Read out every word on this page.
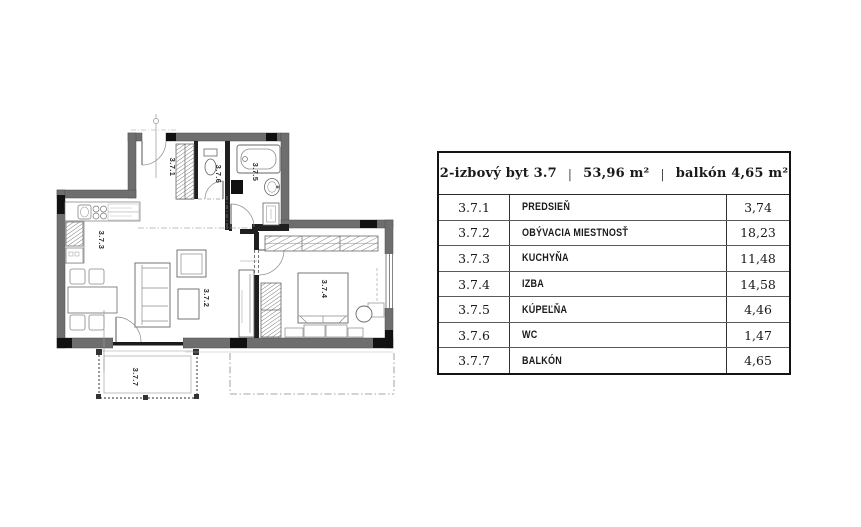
3.7.1
3.7.2
3.7.3
3.7.4
3.7.5
3.7.6
3.7.7
2-izbový byt 3.7 | 53,96 m² | balkón 4,65 m²
3.7.1	PREDSIEŇ	3,74
3.7.2	OBÝVACIA MIESTNOSŤ	18,23
3.7.3	KUCHYŇA	11,48
3.7.4	IZBA	14,58
3.7.5	KÚPEĽŇA	4,46
3.7.6	WC	1,47
3.7.7	BALKÓN	4,65
